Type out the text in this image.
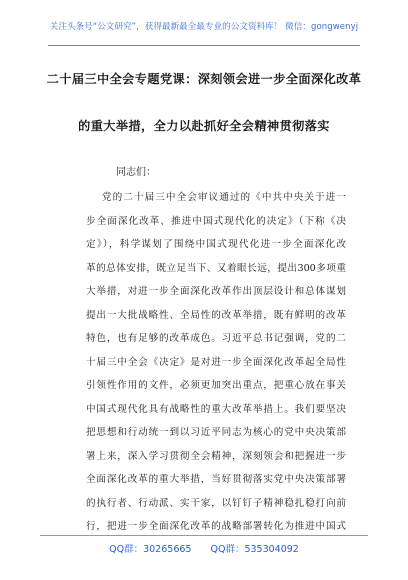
关注头条号“公文研究”，获得最新最全最专业的公文资料库！ 微信：gongwenyj
二十届三中全会专题党课：深刻领会进一步全面深化改革
的重大举措，全力以赴抓好全会精神贯彻落实
同志们：
党的二十届三中全会审议通过的《中共中央关于进一
步全面深化改革、推进中国式现代化的决定》（下称《决
定》），科学谋划了围绕中国式现代化进一步全面深化改
革的总体安排，既立足当下、又着眼长远，提出300多项重
大举措，对进一步全面深化改革作出顶层设计和总体谋划
提出一大批战略性、全局性的改革举措，既有鲜明的改革
特色，也有足够的改革成色。习近平总书记强调，党的二
十届三中全会《决定》是对进一步全面深化改革起全局性
引领性作用的文件，必须更加突出重点，把重心放在事关
中国式现代化具有战略性的重大改革举措上。我们要坚决
把思想和行动统一到以习近平同志为核心的党中央决策部
署上来，深入学习贯彻全会精神，深刻领会和把握进一步
全面深化改革的重大举措，当好贯彻落实党中央决策部署
的执行者、行动派、实干家，以钉钉子精神稳扎稳打向前
行，把进一步全面深化改革的战略部署转化为推进中国式
QQ群：30265665 QQ群：535304092
